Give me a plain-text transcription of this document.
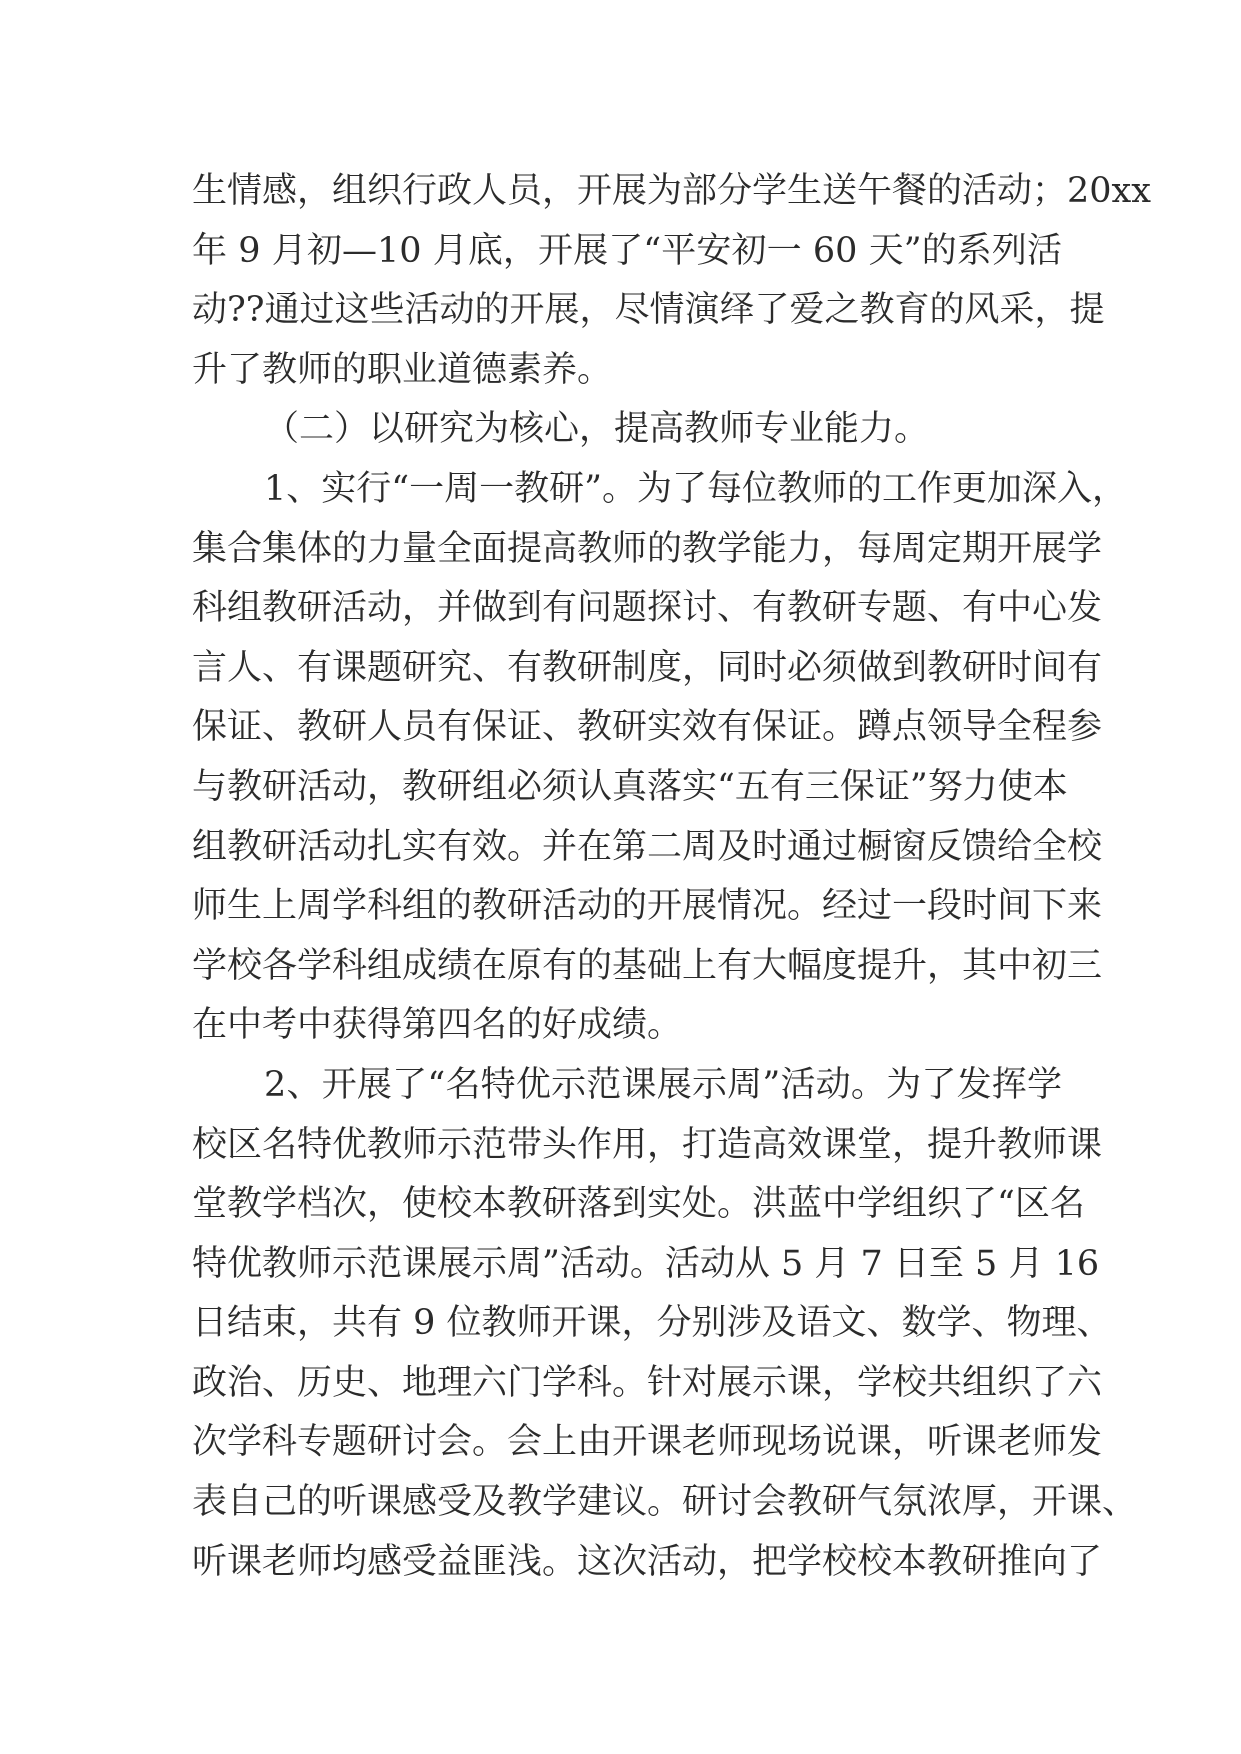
生情感，组织行政人员，开展为部分学生送午餐的活动；20xx
年 9 月初—10 月底，开展了“平安初一 60 天”的系列活
动??通过这些活动的开展，尽情演绎了爱之教育的风采，提
升了教师的职业道德素养。
（二）以研究为核心，提高教师专业能力。
1、实行“一周一教研”。为了每位教师的工作更加深入，
集合集体的力量全面提高教师的教学能力，每周定期开展学
科组教研活动，并做到有问题探讨、有教研专题、有中心发
言人、有课题研究、有教研制度，同时必须做到教研时间有
保证、教研人员有保证、教研实效有保证。蹲点领导全程参
与教研活动，教研组必须认真落实“五有三保证”努力使本
组教研活动扎实有效。并在第二周及时通过橱窗反馈给全校
师生上周学科组的教研活动的开展情况。经过一段时间下来
学校各学科组成绩在原有的基础上有大幅度提升，其中初三
在中考中获得第四名的好成绩。
2、开展了“名特优示范课展示周”活动。为了发挥学
校区名特优教师示范带头作用，打造高效课堂，提升教师课
堂教学档次，使校本教研落到实处。洪蓝中学组织了“区名
特优教师示范课展示周”活动。活动从 5 月 7 日至 5 月 16
日结束，共有 9 位教师开课，分别涉及语文、数学、物理、
政治、历史、地理六门学科。针对展示课，学校共组织了六
次学科专题研讨会。会上由开课老师现场说课，听课老师发
表自己的听课感受及教学建议。研讨会教研气氛浓厚，开课、
听课老师均感受益匪浅。这次活动，把学校校本教研推向了
